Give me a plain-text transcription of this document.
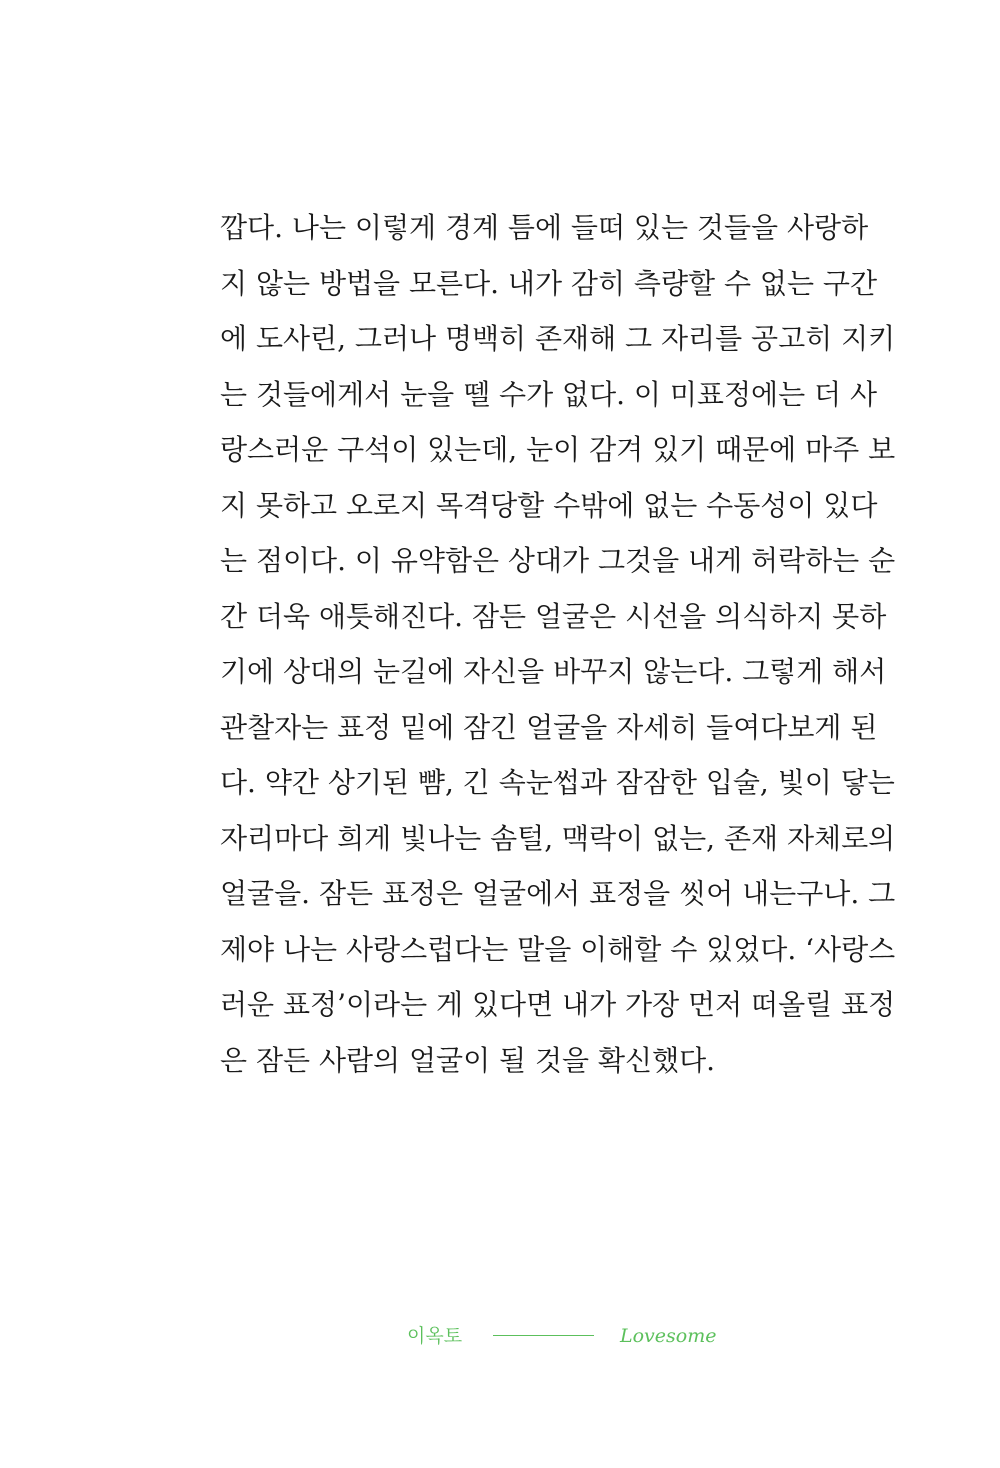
깝다. 나는 이렇게 경계 틈에 들떠 있는 것들을 사랑하
지 않는 방법을 모른다. 내가 감히 측량할 수 없는 구간
에 도사린, 그러나 명백히 존재해 그 자리를 공고히 지키
는 것들에게서 눈을 뗄 수가 없다. 이 미표정에는 더 사
랑스러운 구석이 있는데, 눈이 감겨 있기 때문에 마주 보
지 못하고 오로지 목격당할 수밖에 없는 수동성이 있다
는 점이다. 이 유약함은 상대가 그것을 내게 허락하는 순
간 더욱 애틋해진다. 잠든 얼굴은 시선을 의식하지 못하
기에 상대의 눈길에 자신을 바꾸지 않는다. 그렇게 해서
관찰자는 표정 밑에 잠긴 얼굴을 자세히 들여다보게 된
다. 약간 상기된 뺨, 긴 속눈썹과 잠잠한 입술, 빛이 닿는
자리마다 희게 빛나는 솜털, 맥락이 없는, 존재 자체로의
얼굴을. 잠든 표정은 얼굴에서 표정을 씻어 내는구나. 그
제야 나는 사랑스럽다는 말을 이해할 수 있었다. ‘사랑스
러운 표정’이라는 게 있다면 내가 가장 먼저 떠올릴 표정
은 잠든 사람의 얼굴이 될 것을 확신했다.
이옥토	Lovesome
